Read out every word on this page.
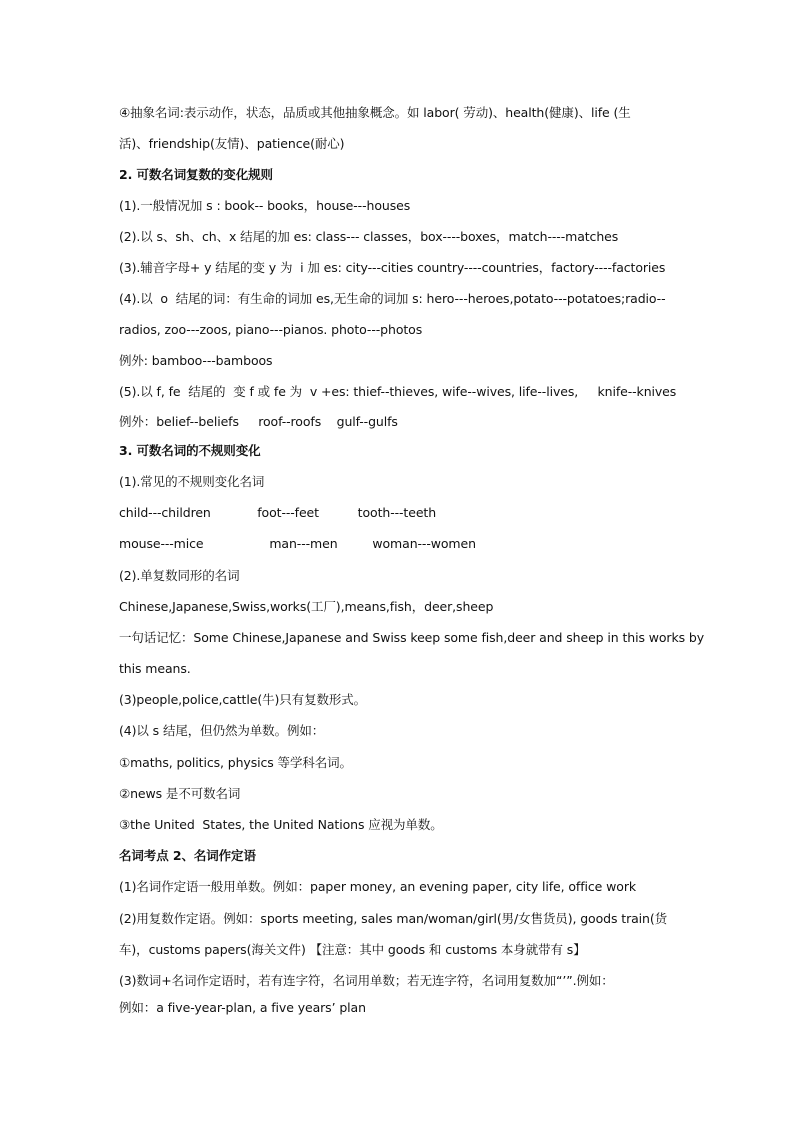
④抽象名词:表示动作，状态，品质或其他抽象概念。如 labor( 劳动)、health(健康)、life (生
活)、friendship(友情)、patience(耐心)
2. 可数名词复数的变化规则
(1).一般情况加 s : book-- books，house---houses
(2).以 s、sh、ch、x 结尾的加 es: class--- classes，box----boxes，match----matches
(3).辅音字母+ y 结尾的变 y 为  i 加 es: city---cities country----countries，factory----factories
(4).以  o  结尾的词：有生命的词加 es,无生命的词加 s: hero---heroes,potato---potatoes;radio--
radios, zoo---zoos, piano---pianos. photo---photos
例外: bamboo---bamboos
(5).以 f, fe  结尾的  变 f 或 fe 为  v +es: thief--thieves, wife--wives, life--lives,     knife--knives
例外：belief--beliefs     roof--roofs    gulf--gulfs
3. 可数名词的不规则变化
(1).常见的不规则变化名词
child---children            foot---feet          tooth---teeth
mouse---mice                 man---men         woman---women
(2).单复数同形的名词
Chinese,Japanese,Swiss,works(工厂),means,fish，deer,sheep
一句话记忆：Some Chinese,Japanese and Swiss keep some fish,deer and sheep in this works by
this means.
(3)people,police,cattle(牛)只有复数形式。
(4)以 s 结尾，但仍然为单数。例如：
①maths, politics, physics 等学科名词。
②news 是不可数名词
③the United  States, the United Nations 应视为单数。
名词考点 2、名词作定语
(1)名词作定语一般用单数。例如：paper money, an evening paper, city life, office work
(2)用复数作定语。例如：sports meeting, sales man/woman/girl(男/女售货员), goods train(货
车)，customs papers(海关文件) 【注意：其中 goods 和 customs 本身就带有 s】
(3)数词+名词作定语时，若有连字符，名词用单数；若无连字符，名词用复数加“’”.例如：
例如：a five-year-plan, a five years’ plan
